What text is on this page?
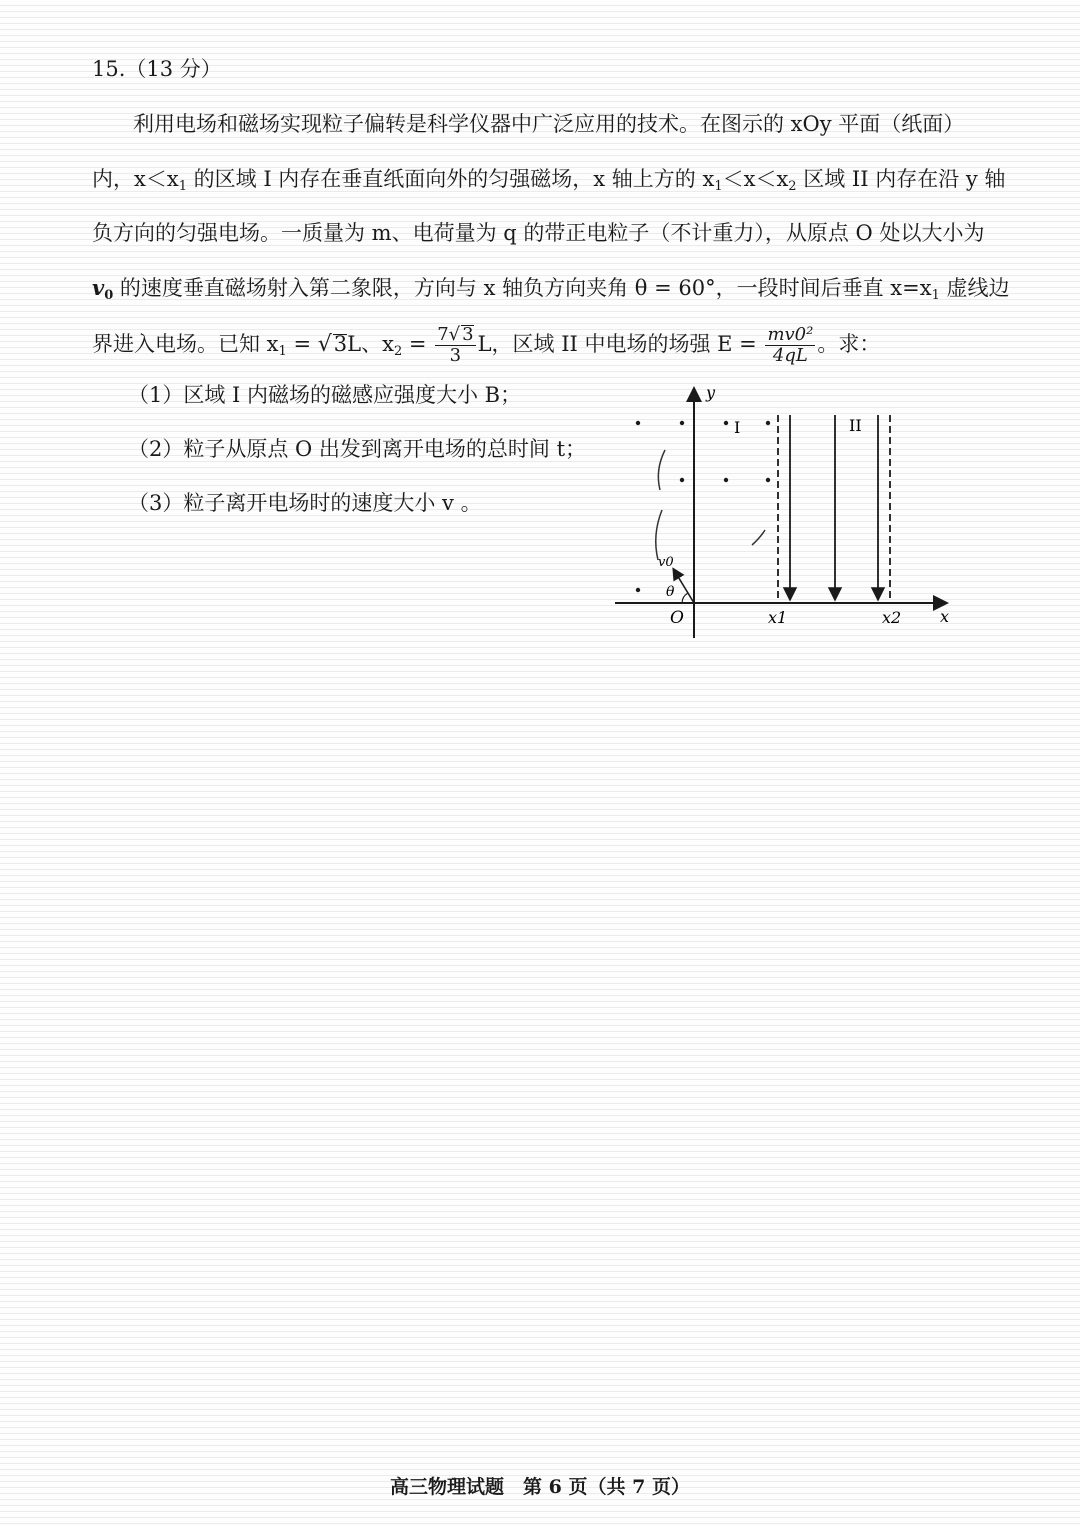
15.（13 分）
利用电场和磁场实现粒子偏转是科学仪器中广泛应用的技术。在图示的 xOy 平面（纸面）
内，$x<x_1$ 的区域 I 内存在垂直纸面向外的匀强磁场，x 轴上方的 $x_1<x<x_2$ 区域 II 内存在沿 y 轴
负方向的匀强电场。一质量为 m、电荷量为 q 的带正电粒子（不计重力），从原点 O 处以大小为
$v_0$ 的速度垂直磁场射入第二象限，方向与 x 轴负方向夹角 θ = 60°，一段时间后垂直 $x=x_1$ 虚线边
界进入电场。已知 $x_1 = √3L$、$x_2 = \frac{7√ 3}{3}$ L，区域 II 中电场的场强 $E = \frac{\text{mv0²}}{4qL}$ 。求：
（1）区域 I 内磁场的磁感应强度大小 B；
（2）粒子从原点 O 出发到离开电场的总时间 t；
（3）粒子离开电场时的速度大小 v 。
y
x
O
I	II
x1	x2
v0
θ
高三物理试题　第 6 页（共 7 页）
